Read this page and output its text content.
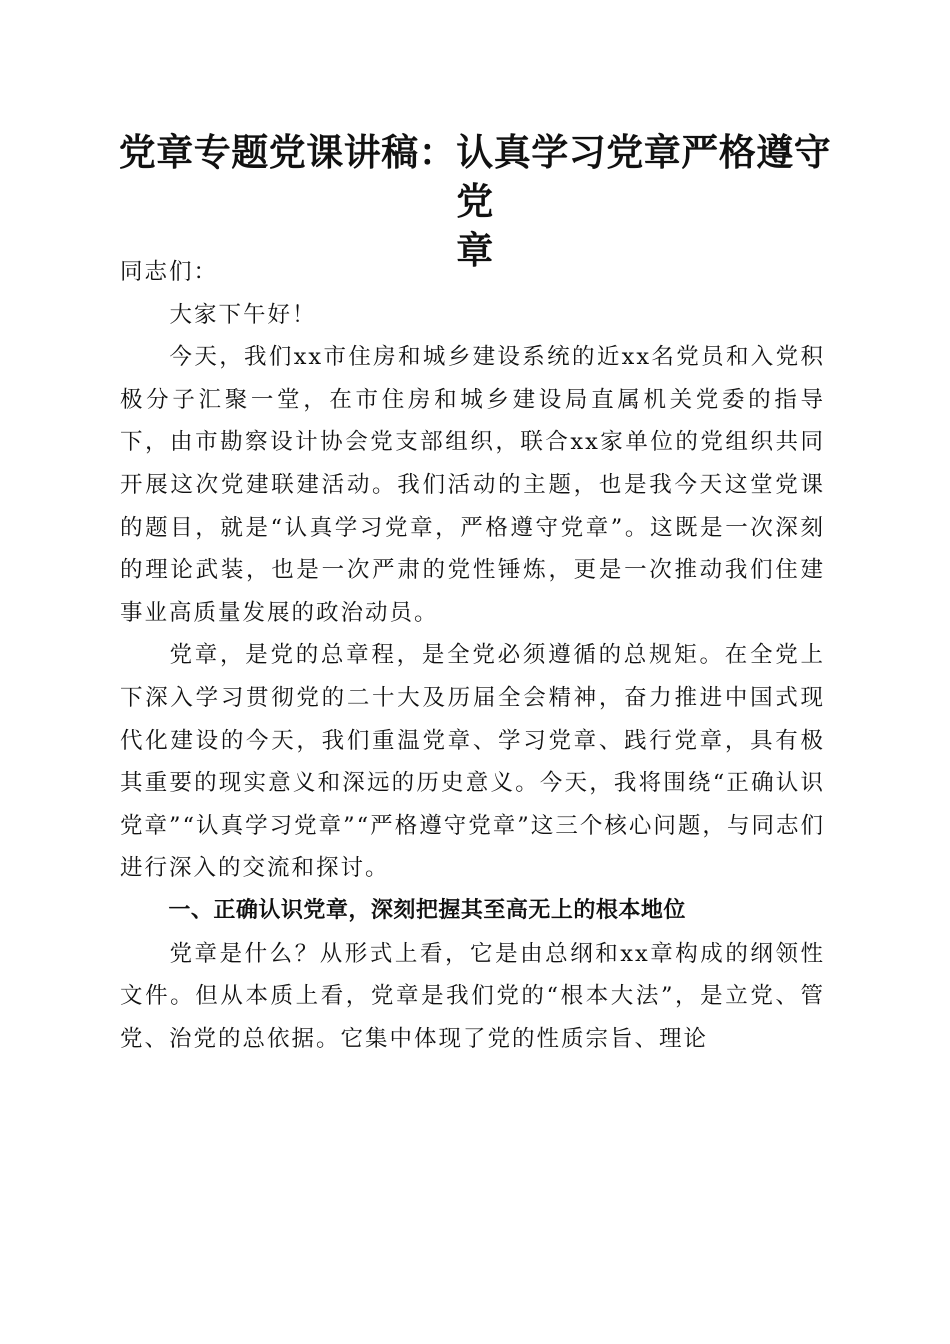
党章专题党课讲稿：认真学习党章严格遵守党
章

同志们：

大家下午好！

今天，我们xx市住房和城乡建设系统的近xx名党员和入党积极分子汇聚一堂，在市住房和城乡建设局直属机关党委的指导下，由市勘察设计协会党支部组织，联合xx家单位的党组织共同开展这次党建联建活动。我们活动的主题，也是我今天这堂党课的题目，就是“认真学习党章，严格遵守党章”。这既是一次深刻的理论武装，也是一次严肃的党性锤炼，更是一次推动我们住建事业高质量发展的政治动员。

党章，是党的总章程，是全党必须遵循的总规矩。在全党上下深入学习贯彻党的二十大及历届全会精神，奋力推进中国式现代化建设的今天，我们重温党章、学习党章、践行党章，具有极其重要的现实意义和深远的历史意义。今天，我将围绕“正确认识党章”“认真学习党章”“严格遵守党章”这三个核心问题，与同志们进行深入的交流和探讨。

一、正确认识党章，深刻把握其至高无上的根本地位

党章是什么？从形式上看，它是由总纲和xx章构成的纲领性文件。但从本质上看，党章是我们党的“根本大法”，是立党、管党、治党的总依据。它集中体现了党的性质宗旨、理论
